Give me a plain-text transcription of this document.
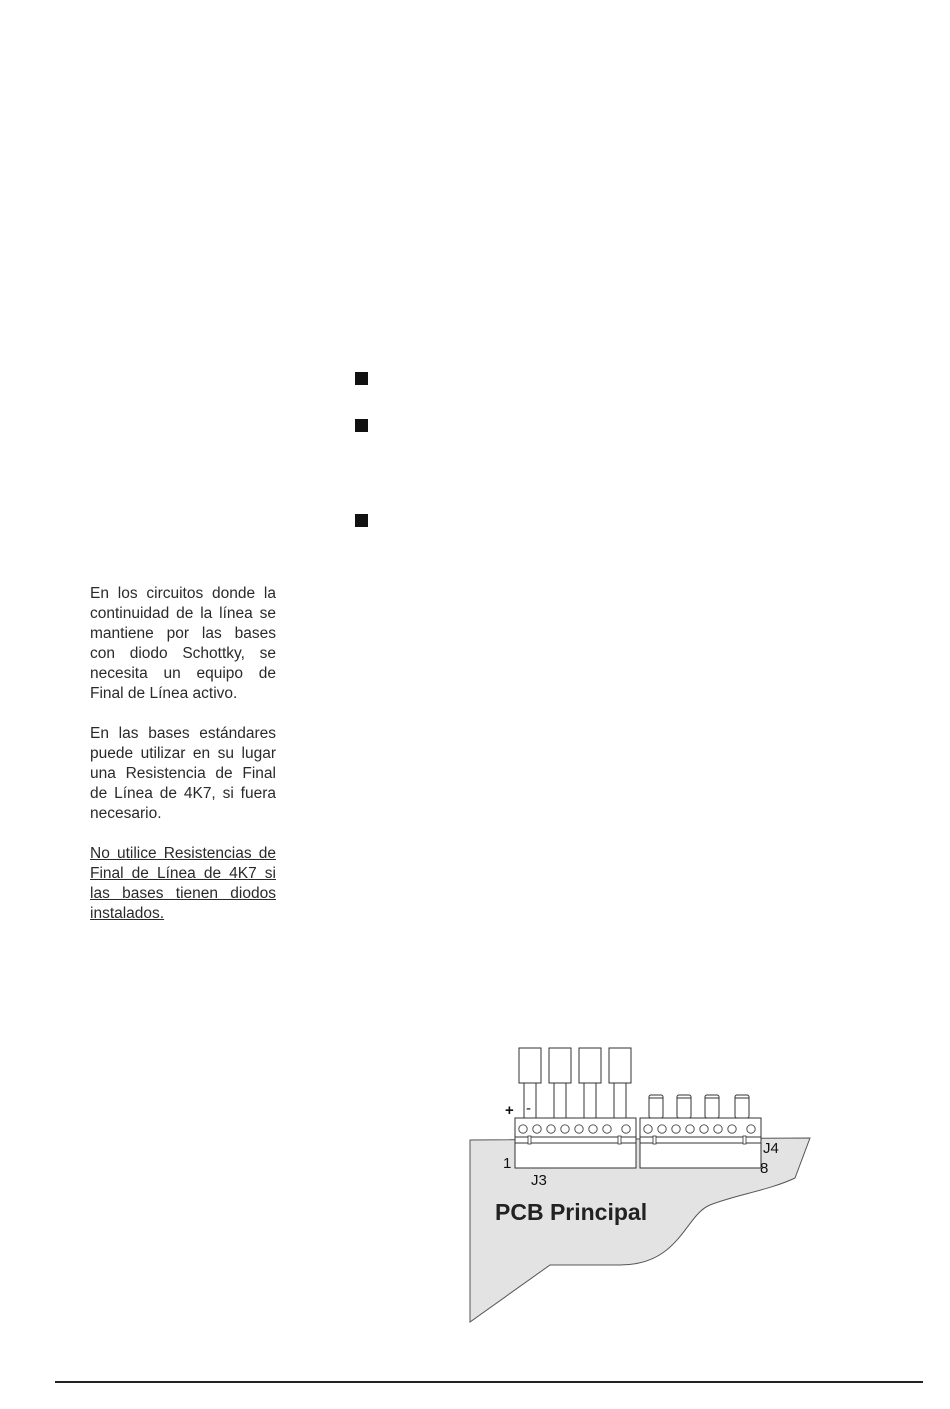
En los circuitos donde la continuidad de la línea se mantiene por las bases con diodo Schottky, se necesita un equipo de Final de Línea activo.

En las bases estándares puede utilizar en su lugar una Resistencia de Final de Línea de 4K7, si fuera necesario.

No utilice Resistencias de Final de Línea de 4K7 si las bases tienen diodos instalados.

+ -
1
J3
J4
8
PCB Principal
